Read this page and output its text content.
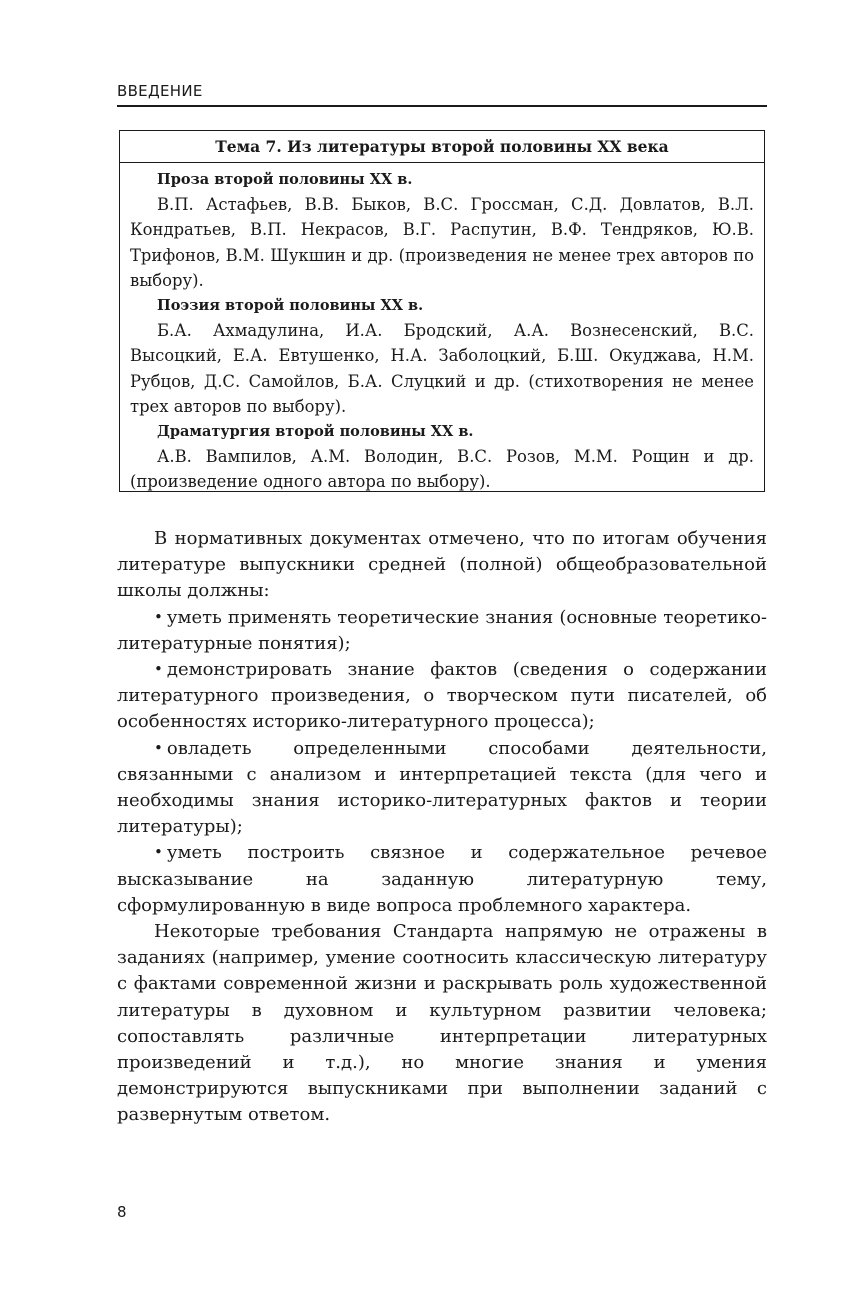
ВВЕДЕНИЕ
Тема 7. Из литературы второй половины XX века
Проза второй половины XX в.

В.П. Астафьев, В.В. Быков, В.С. Гроссман, С.Д. Довлатов, В.Л. Кондратьев, В.П. Некрасов, В.Г. Распутин, В.Ф. Тендряков, Ю.В. Трифонов, В.М. Шукшин и др. (произведения не менее трех авторов по выбору).

Поэзия второй половины XX в.

Б.А. Ахмадулина, И.А. Бродский, А.А. Вознесенский, В.С. Высоцкий, Е.А. Евтушенко, Н.А. Заболоцкий, Б.Ш. Окуджава, Н.М. Рубцов, Д.С. Самойлов, Б.А. Слуцкий и др. (стихотворения не менее трех авторов по выбору).

Драматургия второй половины XX в.

А.В. Вампилов, А.М. Володин, В.С. Розов, М.М. Рощин и др. (произведение одного автора по выбору).

В нормативных документах отмечено, что по итогам обучения литературе выпускники средней (полной) общеобразовательной школы должны:

• уметь применять теоретические знания (основные теоретико-литературные понятия);

• демонстрировать знание фактов (сведения о содержании литературного произведения, о творческом пути писателей, об особенностях историко-литературного процесса);

• овладеть определенными способами деятельности, связанными с анализом и интерпретацией текста (для чего и необходимы знания историко-литературных фактов и теории литературы);

• уметь построить связное и содержательное речевое высказывание на заданную литературную тему, сформулированную в виде вопроса проблемного характера.

Некоторые требования Стандарта напрямую не отражены в заданиях (например, умение соотносить классическую литературу с фактами современной жизни и раскрывать роль художественной литературы в духовном и культурном развитии человека; сопоставлять различные интерпретации литературных произведений и т.д.), но многие знания и умения демонстрируются выпускниками при выполнении заданий с развернутым ответом.

8
